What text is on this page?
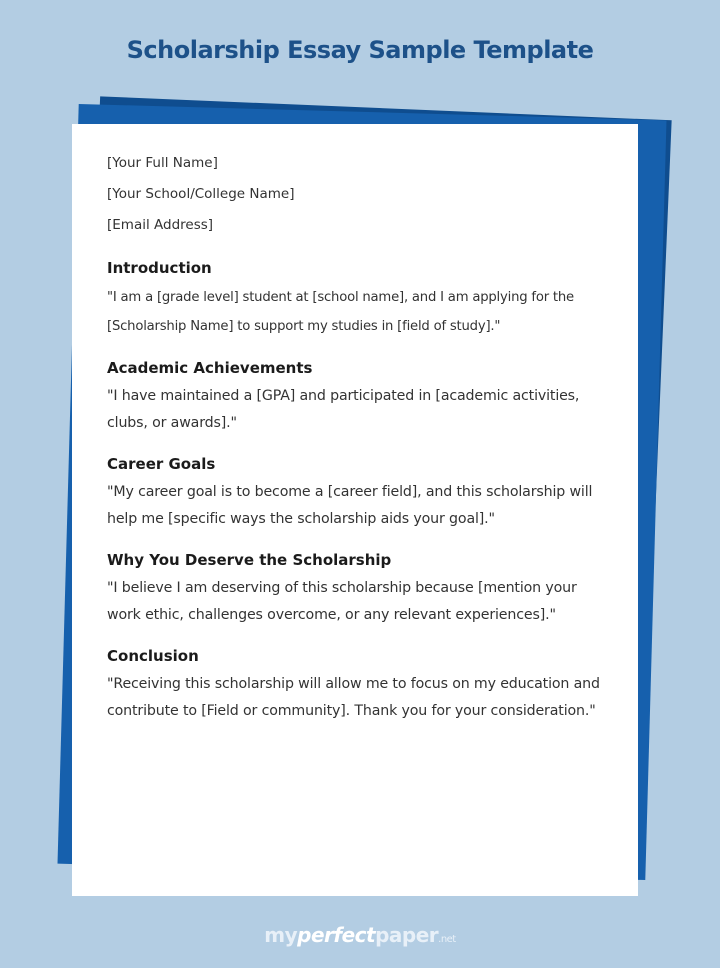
Scholarship Essay Sample Template
[Your Full Name]
[Your School/College Name]
[Email Address]
Introduction

"I am a [grade level] student at [school name], and I am applying for the [Scholarship Name] to support my studies in [field of study]."

Academic Achievements

"I have maintained a [GPA] and participated in [academic activities, clubs, or awards]."

Career Goals

"My career goal is to become a [career field], and this scholarship will help me [specific ways the scholarship aids your goal]."

Why You Deserve the Scholarship

"I believe I am deserving of this scholarship because [mention your work ethic, challenges overcome, or any relevant experiences]."

Conclusion

"Receiving this scholarship will allow me to focus on my education and contribute to [Field or community]. Thank you for your consideration."

myperfectpaper.net
